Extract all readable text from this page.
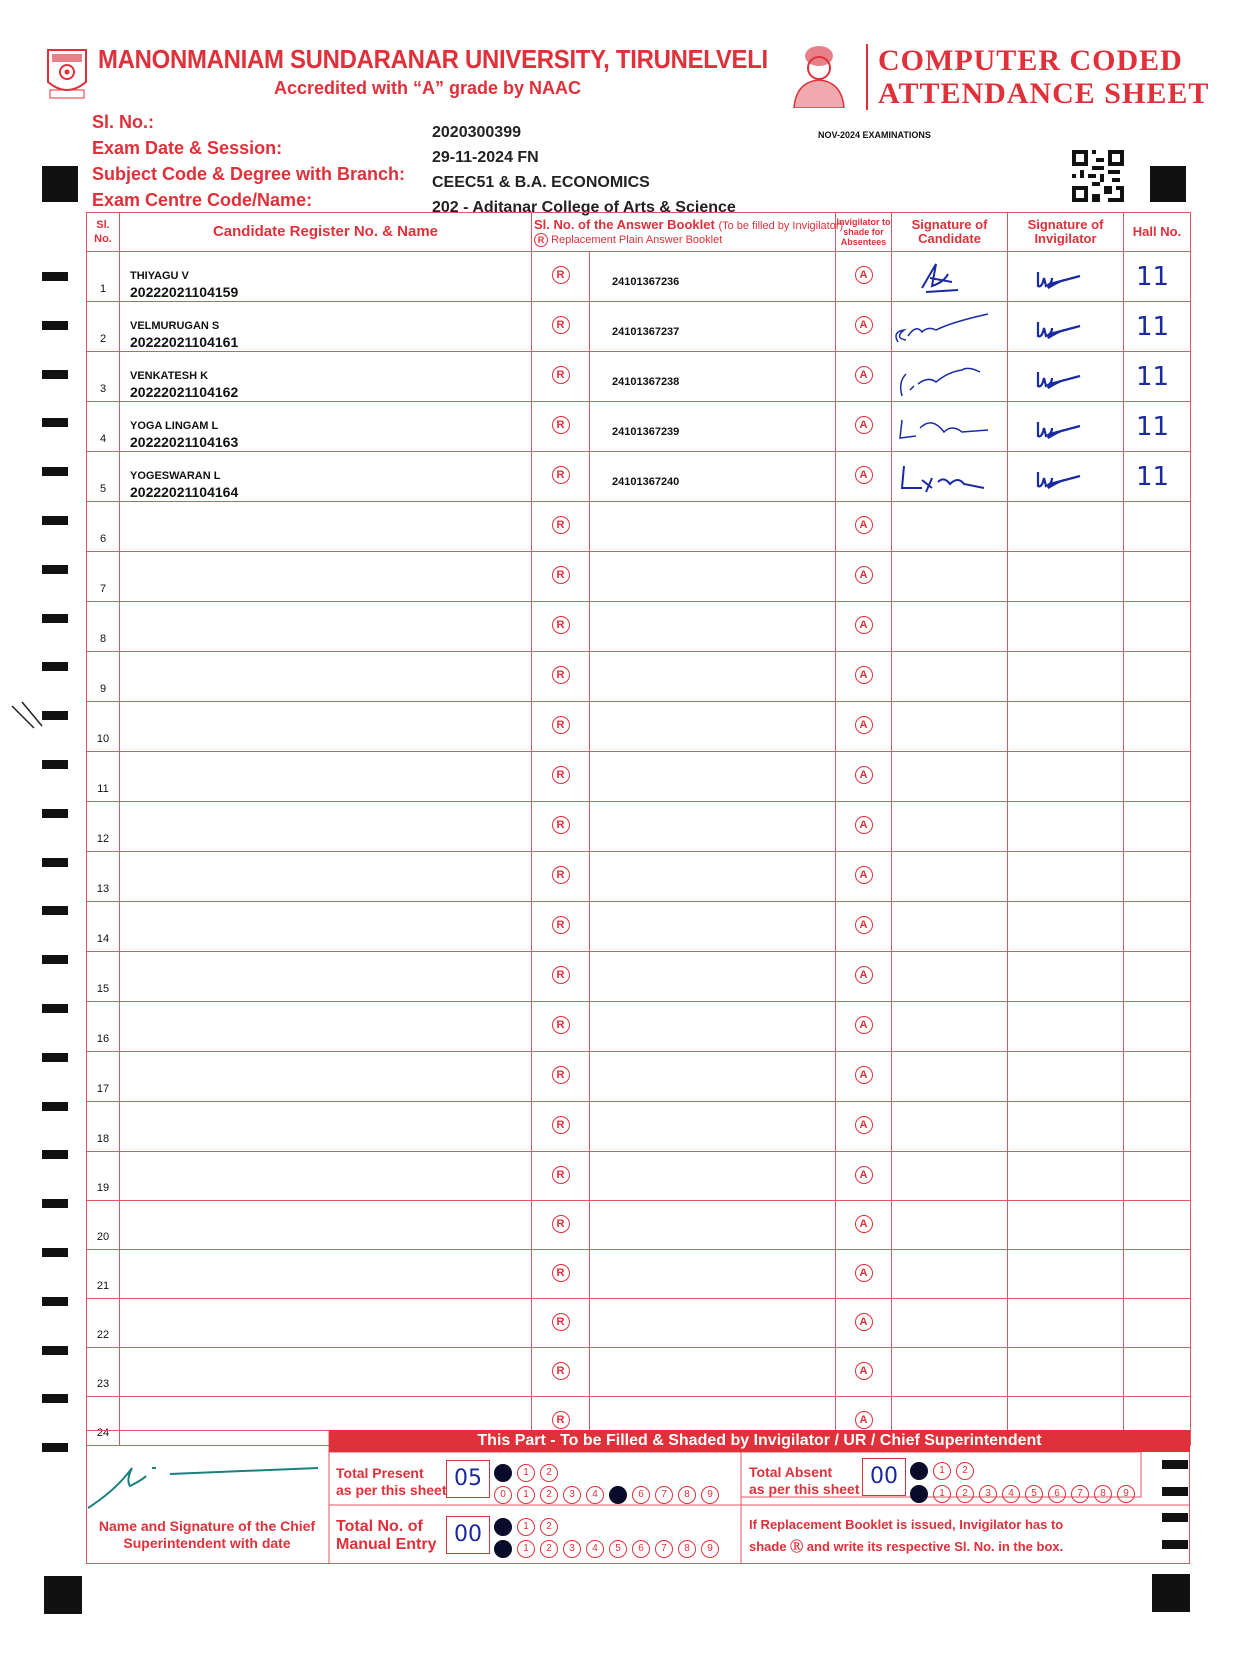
MANONMANIAM SUNDARANAR UNIVERSITY, TIRUNELVELI
Accredited with “A” grade by NAAC
COMPUTER CODED
ATTENDANCE SHEET
Sl. No.:
Exam Date & Session:
Subject Code & Degree with Branch:
Exam Centre Code/Name:
2020300399
29-11-2024 FN
CEEC51 & B.A. ECONOMICS
202 - Aditanar College of Arts & Science
NOV-2024 EXAMINATIONS
Sl. No.	Candidate Register No. & Name	Sl. No. of the Answer Booklet (To be filled by Invigilator)
R Replacement Plain Answer Booklet		Invigilator to shade for Absentees	Signature of Candidate	Signature of Invigilator	Hall No.

1	THIYAGU V
20222021104159	R	24101367236	A			11

2	VELMURUGAN S
20222021104161	R	24101367237	A			11

3	VENKATESH K
20222021104162	R	24101367238	A			11

4	YOGA LINGAM L
20222021104163	R	24101367239	A			11

5	YOGESWARAN L
20222021104164	R	24101367240	A			11

6		R		A			

7		R		A			

8		R		A			

9		R		A			

10		R		A			

11		R		A			

12		R		A			

13		R		A			

14		R		A			

15		R		A			

16		R		A			

17		R		A			

18		R		A			

19		R		A			

20		R		A			

21		R		A			

22		R		A			

23		R		A			

24		R		A			

This Part - To be Filled & Shaded by Invigilator / UR / Chief Superintendent
Name and Signature of the Chief Superintendent with date
Total Present
as per this sheet 05	1 2
0 1 2 3 4	6 7 8 9
Total Absent
as per this sheet 00	1 2
1 2 3 4 5 6 7 8 9
Total No. of
Manual Entry 00	1 2
1 2 3 4 5 6 7 8 9
If Replacement Booklet is issued, Invigilator has to
shade Ⓡ and write its respective Sl. No. in the box.
